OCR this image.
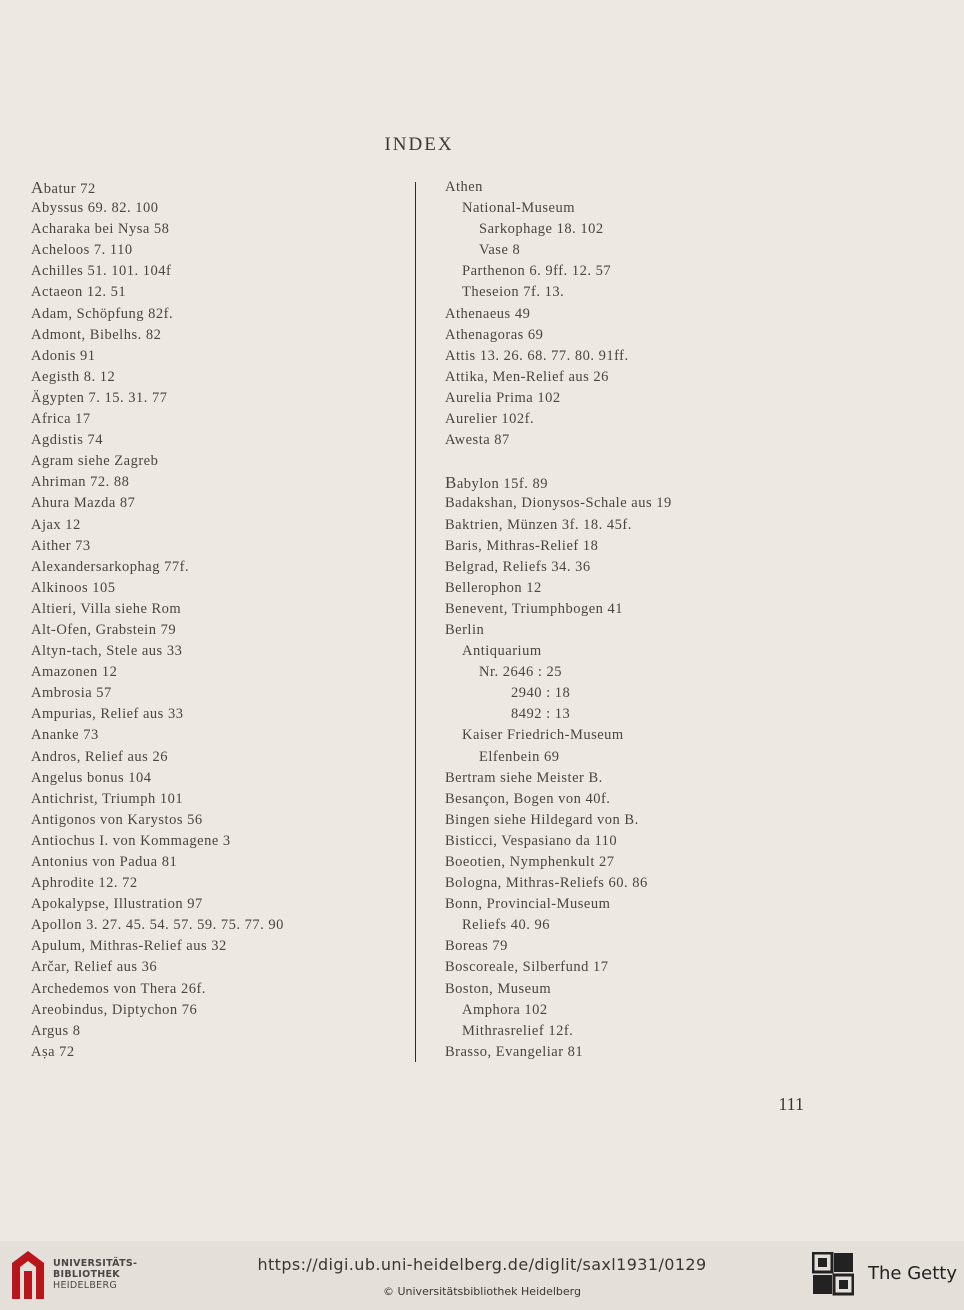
INDEX
Abatur 72
Abyssus 69. 82. 100
Acharaka bei Nysa 58
Acheloos 7. 110
Achilles 51. 101. 104f
Actaeon 12. 51
Adam, Schöpfung 82f.
Admont, Bibelhs. 82
Adonis 91
Aegisth 8. 12
Ägypten 7. 15. 31. 77
Africa 17
Agdistis 74
Agram siehe Zagreb
Ahriman 72. 88
Ahura Mazda 87
Ajax 12
Aither 73
Alexandersarkophag 77f.
Alkinoos 105
Altieri, Villa siehe Rom
Alt-Ofen, Grabstein 79
Altyn-tach, Stele aus 33
Amazonen 12
Ambrosia 57
Ampurias, Relief aus 33
Ananke 73
Andros, Relief aus 26
Angelus bonus 104
Antichrist, Triumph 101
Antigonos von Karystos 56
Antiochus I. von Kommagene 3
Antonius von Padua 81
Aphrodite 12. 72
Apokalypse, Illustration 97
Apollon 3. 27. 45. 54. 57. 59. 75. 77. 90
Apulum, Mithras-Relief aus 32
Arčar, Relief aus 36
Archedemos von Thera 26f.
Areobindus, Diptychon 76
Argus 8
Aṣa 72
Athen
National-Museum
Sarkophage 18. 102
Vase 8
Parthenon 6. 9ff. 12. 57
Theseion 7f. 13.
Athenaeus 49
Athenagoras 69
Attis 13. 26. 68. 77. 80. 91ff.
Attika, Men-Relief aus 26
Aurelia Prima 102
Aurelier 102f.
Awesta 87
Babylon 15f. 89
Badakshan, Dionysos-Schale aus 19
Baktrien, Münzen 3f. 18. 45f.
Baris, Mithras-Relief 18
Belgrad, Reliefs 34. 36
Bellerophon 12
Benevent, Triumphbogen 41
Berlin
Antiquarium
Nr. 2646 : 25
2940 : 18
8492 : 13
Kaiser Friedrich-Museum
Elfenbein 69
Bertram siehe Meister B.
Besançon, Bogen von 40f.
Bingen siehe Hildegard von B.
Bisticci, Vespasiano da 110
Boeotien, Nymphenkult 27
Bologna, Mithras-Reliefs 60. 86
Bonn, Provincial-Museum
Reliefs 40. 96
Boreas 79
Boscoreale, Silberfund 17
Boston, Museum
Amphora 102
Mithrasrelief 12f.
Brasso, Evangeliar 81
111
UNIVERSITÄTS-
BIBLIOTHEK
HEIDELBERG
https://digi.ub.uni-heidelberg.de/diglit/saxl1931/0129
© Universitätsbibliothek Heidelberg
The Getty
